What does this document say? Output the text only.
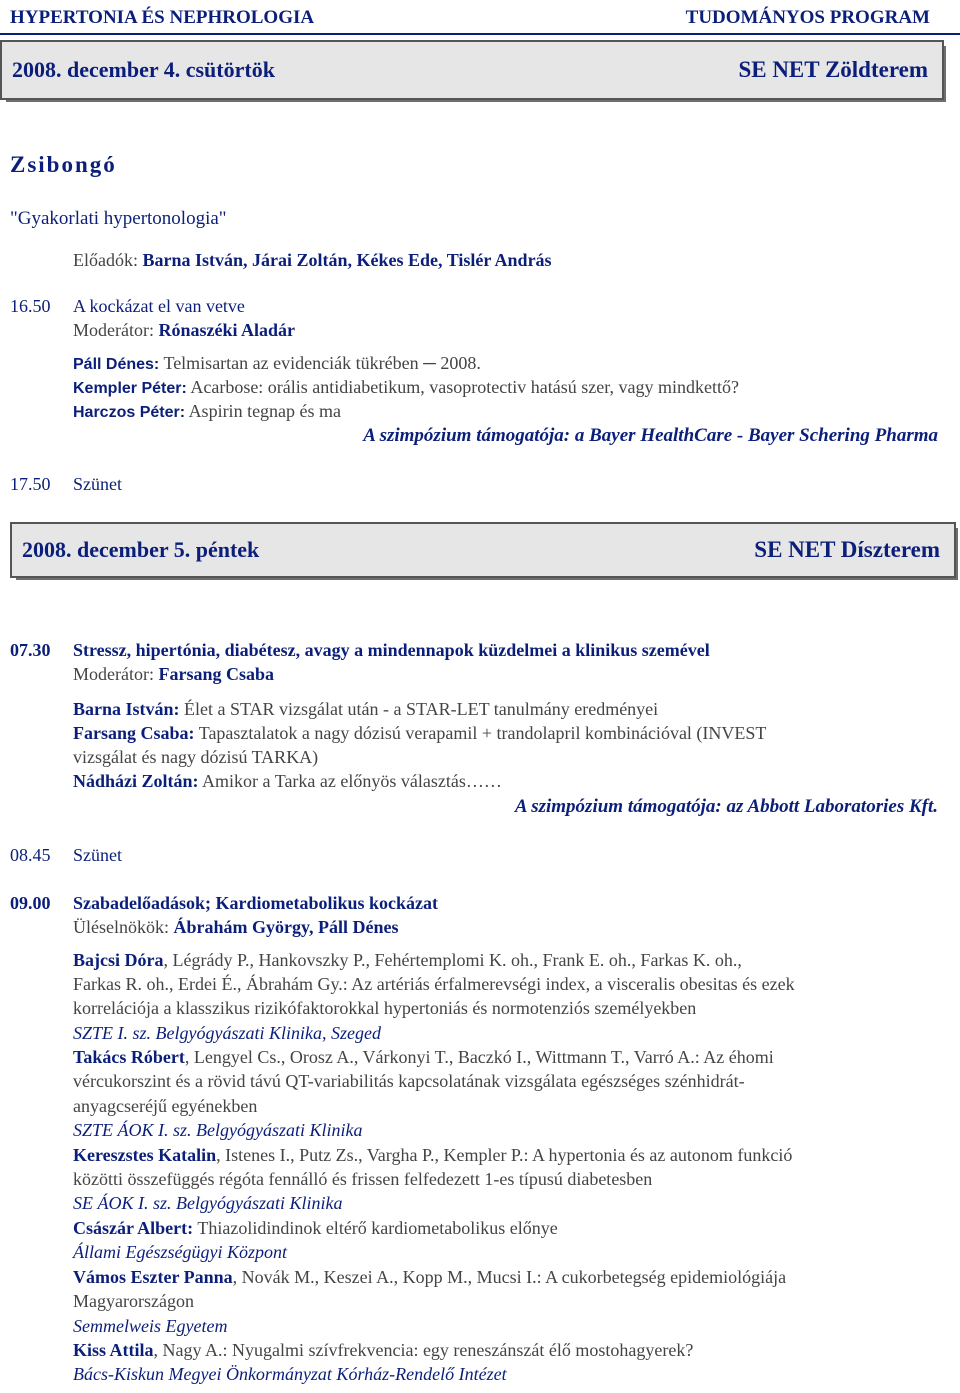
HYPERTONIA ÉS NEPHROLOGIA	TUDOMÁNYOS PROGRAM
2008. december 4. csütörtök	SE NET Zöldterem
Zsibongó
"Gyakorlati hypertonologia"
Előadók: Barna István, Járai Zoltán, Kékes Ede, Tislér András
16.50 A kockázat el van vetve
Moderátor: Rónaszéki Aladár
Páll Dénes: Telmisartan az evidenciák tükrében ─ 2008.
Kempler Péter: Acarbose: orális antidiabetikum, vasoprotectiv hatású szer, vagy mindkettő?
Harczos Péter: Aspirin tegnap és ma
A szimpózium támogatója: a Bayer HealthCare - Bayer Schering Pharma
17.50 Szünet
2008. december 5. péntek	SE NET Díszterem
07.30 Stressz, hipertónia, diabétesz, avagy a mindennapok küzdelmei a klinikus szemével
Moderátor: Farsang Csaba
Barna István: Élet a STAR vizsgálat után - a STAR-LET tanulmány eredményei
Farsang Csaba: Tapasztalatok a nagy dózisú verapamil + trandolapril kombinációval (INVEST
vizsgálat és nagy dózisú TARKA)
Nádházi Zoltán: Amikor a Tarka az előnyös választás……
A szimpózium támogatója: az Abbott Laboratories Kft.
08.45 Szünet
09.00 Szabadelőadások; Kardiometabolikus kockázat
Üléselnökök: Ábrahám György, Páll Dénes
Bajcsi Dóra, Légrády P., Hankovszky P., Fehértemplomi K. oh., Frank E. oh., Farkas K. oh.,
Farkas R. oh., Erdei É., Ábrahám Gy.: Az artériás érfalmerevségi index, a visceralis obesitas és ezek
korrelációja a klasszikus rizikófaktorokkal hypertoniás és normotenziós személyekben
SZTE I. sz. Belgyógyászati Klinika, Szeged
Takács Róbert, Lengyel Cs., Orosz A., Várkonyi T., Baczkó I., Wittmann T., Varró A.: Az éhomi
vércukorszint és a rövid távú QT-variabilitás kapcsolatának vizsgálata egészséges szénhidrát-
anyagcseréjű egyénekben
SZTE ÁOK I. sz. Belgyógyászati Klinika
Kereszstes Katalin, Istenes I., Putz Zs., Vargha P., Kempler P.: A hypertonia és az autonom funkció
közötti összefüggés régóta fennálló és frissen felfedezett 1-es típusú diabetesben
SE ÁOK I. sz. Belgyógyászati Klinika
Császár Albert: Thiazolidindinok eltérő kardiometabolikus előnye
Állami Egészségügyi Központ
Vámos Eszter Panna, Novák M., Keszei A., Kopp M., Mucsi I.: A cukorbetegség epidemiológiája
Magyarországon
Semmelweis Egyetem
Kiss Attila, Nagy A.: Nyugalmi szívfrekvencia: egy reneszánszát élő mostohagyerek?
Bács-Kiskun Megyei Önkormányzat Kórház-Rendelő Intézet
